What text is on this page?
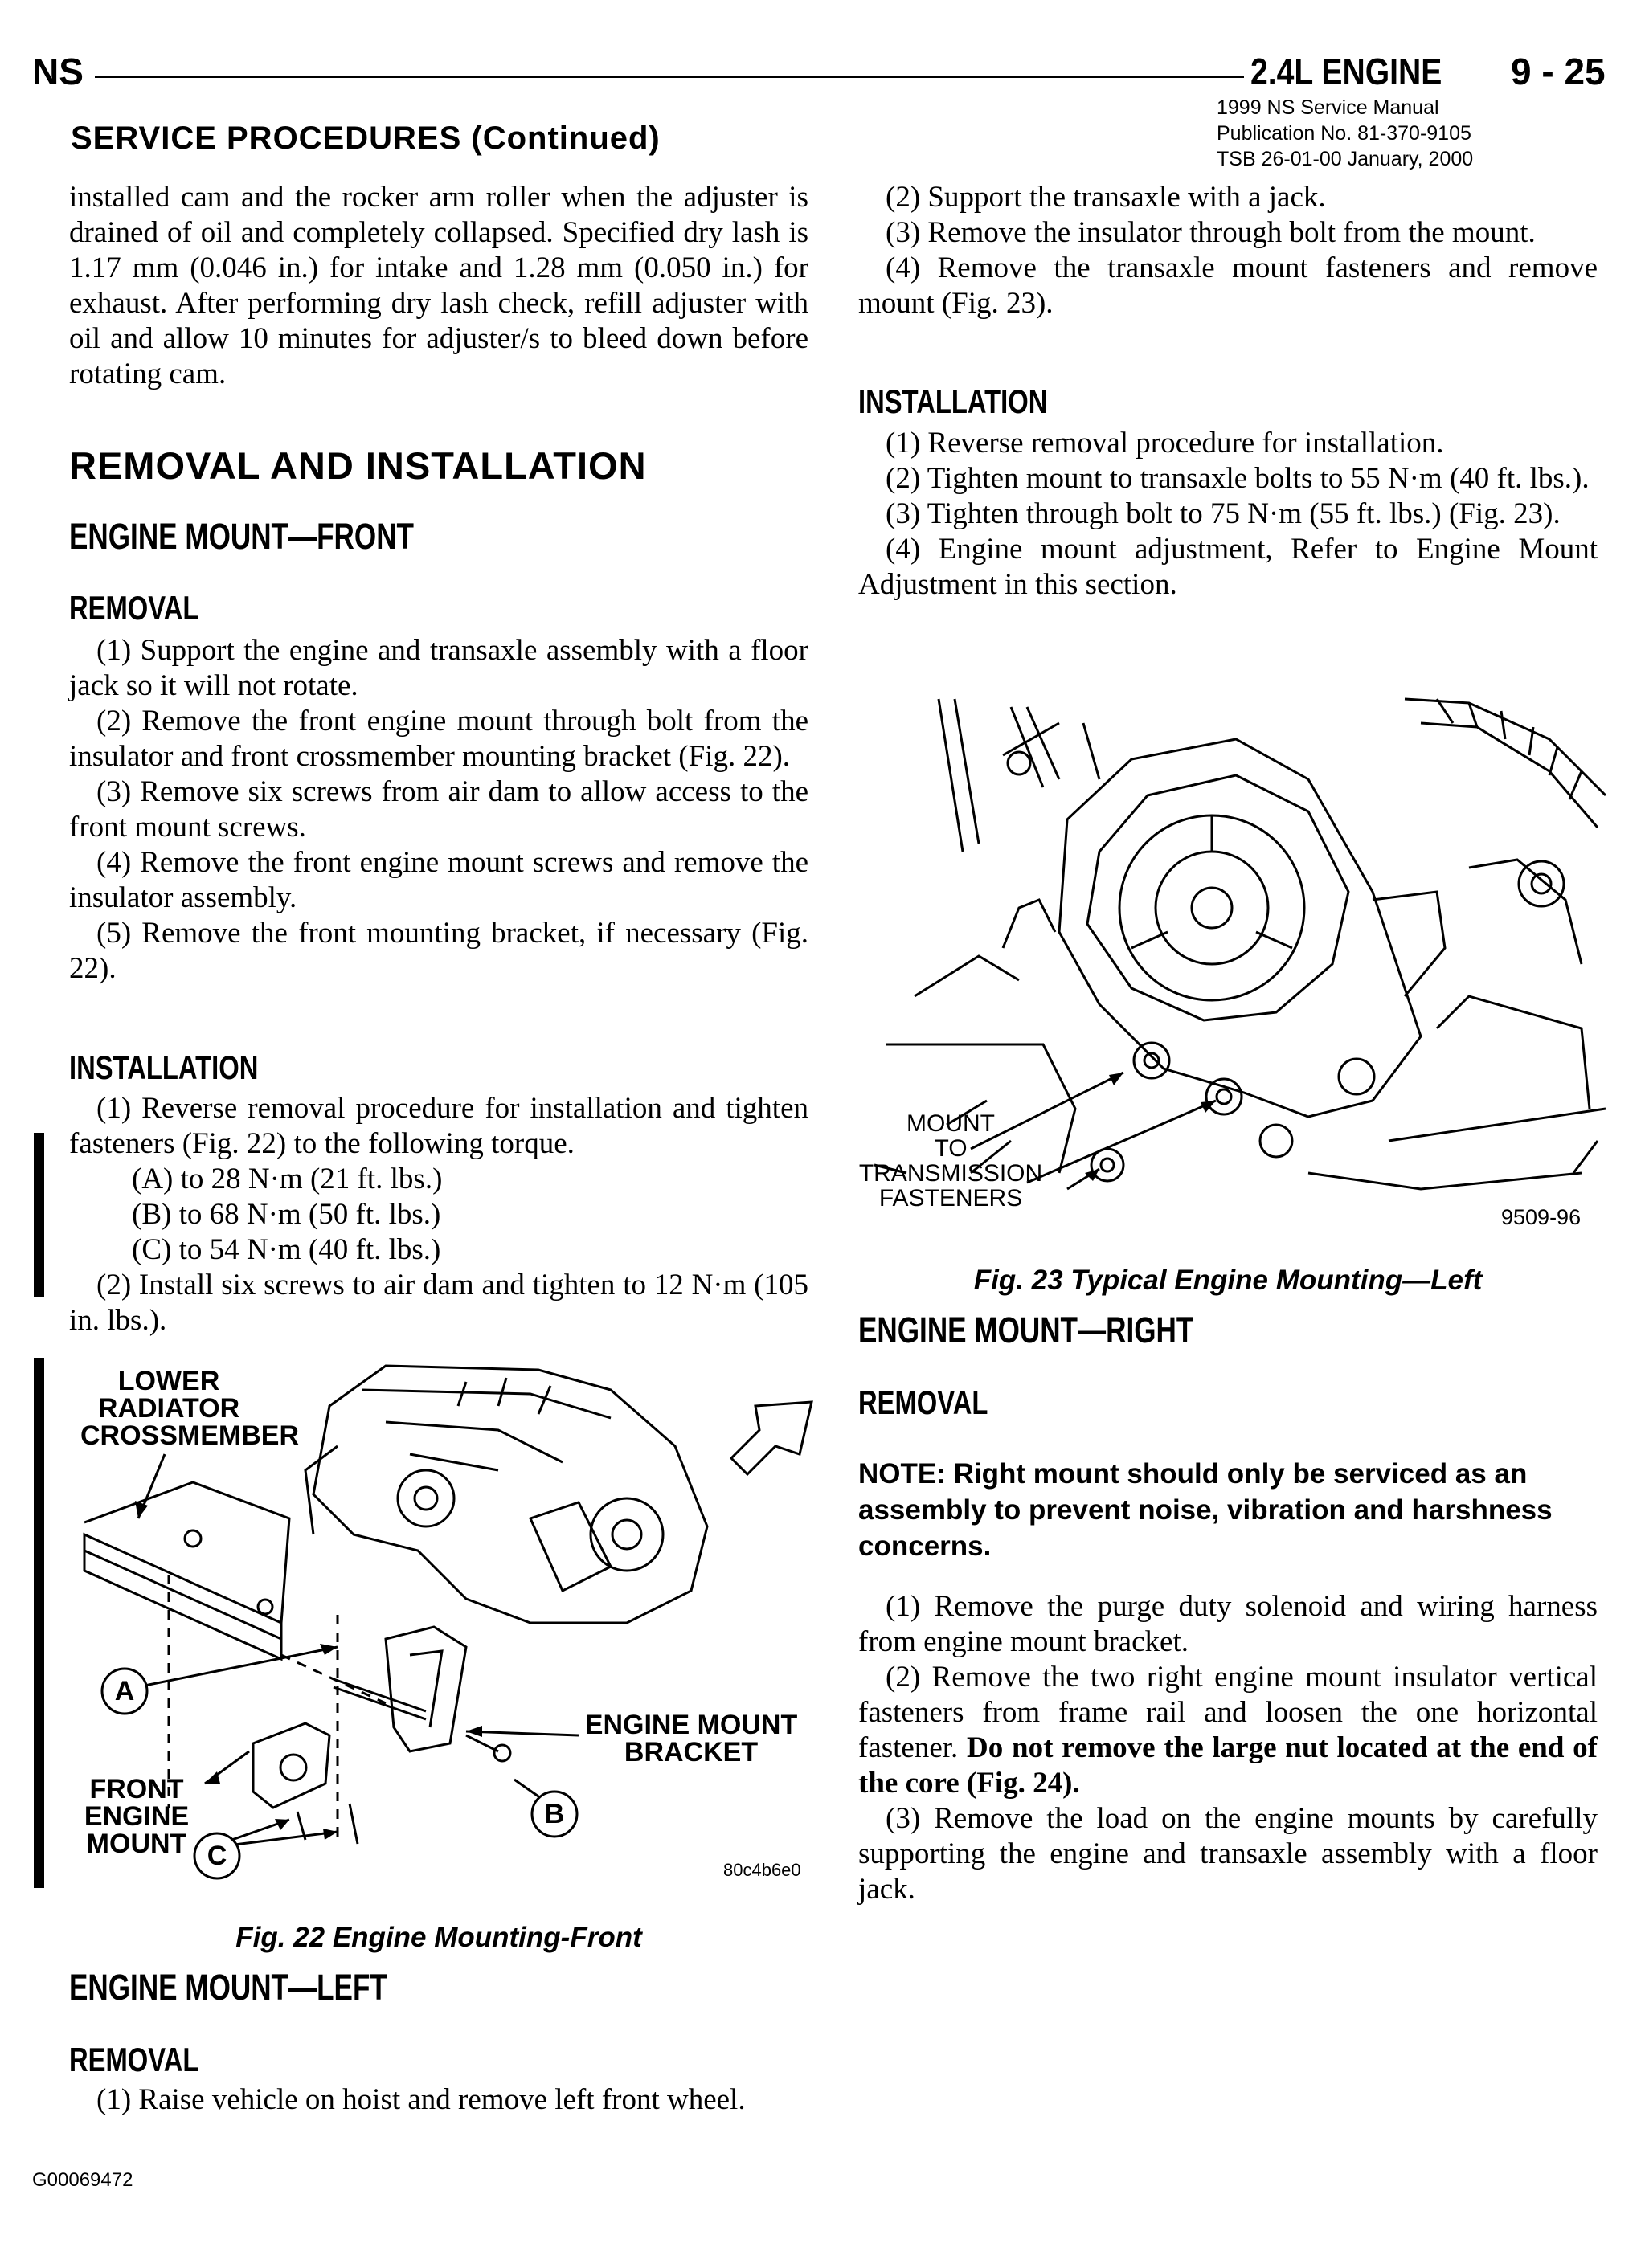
NS	2.4L ENGINE 9 - 25
SERVICE PROCEDURES (Continued)
1999 NS Service Manual
Publication No. 81-370-9105
TSB 26-01-00 January, 2000

installed cam and the rocker arm roller when the adjuster is drained of oil and completely collapsed. Specified dry lash is 1.17 mm (0.046 in.) for intake and 1.28 mm (0.050 in.) for exhaust. After performing dry lash check, refill adjuster with oil and allow 10 minutes for adjuster/s to bleed down before rotating cam.

REMOVAL AND INSTALLATION
ENGINE MOUNT—FRONT
REMOVAL

(1) Support the engine and transaxle assembly with a floor jack so it will not rotate.

(2) Remove the front engine mount through bolt from the insulator and front crossmember mounting bracket (Fig. 22).

(3) Remove six screws from air dam to allow access to the front mount screws.

(4) Remove the front engine mount screws and remove the insulator assembly.

(5) Remove the front mounting bracket, if necessary (Fig. 22).

INSTALLATION

(1) Reverse removal procedure for installation and tighten fasteners (Fig. 22) to the following torque.

(A) to 28 N·m (21 ft. lbs.)

(B) to 68 N·m (50 ft. lbs.)

(C) to 54 N·m (40 ft. lbs.)

(2) Install six screws to air dam and tighten to 12 N·m (105 in. lbs.).

LOWER
RADIATOR
CROSSMEMBER
A
B
C
FRONT
ENGINE
MOUNT
ENGINE MOUNT
BRACKET
80c4b6e0
Fig. 22 Engine Mounting-Front
ENGINE MOUNT—LEFT
REMOVAL

(1) Raise vehicle on hoist and remove left front wheel.

G00069472

(2) Support the transaxle with a jack.

(3) Remove the insulator through bolt from the mount.

(4) Remove the transaxle mount fasteners and remove mount (Fig. 23).

INSTALLATION

(1) Reverse removal procedure for installation.

(2) Tighten mount to transaxle bolts to 55 N·m (40 ft. lbs.).

(3) Tighten through bolt to 75 N·m (55 ft. lbs.) (Fig. 23).

(4) Engine mount adjustment, Refer to Engine Mount Adjustment in this section.

MOUNT
TO
TRANSMISSION
FASTENERS
9509-96
Fig. 23 Typical Engine Mounting—Left
ENGINE MOUNT—RIGHT
REMOVAL
NOTE: Right mount should only be serviced as an assembly to prevent noise, vibration and harshness concerns.

(1) Remove the purge duty solenoid and wiring harness from engine mount bracket.

(2) Remove the two right engine mount insulator vertical fasteners from frame rail and loosen the one horizontal fastener. Do not remove the large nut located at the end of the core (Fig. 24).

(3) Remove the load on the engine mounts by carefully supporting the engine and transaxle assembly with a floor jack.
